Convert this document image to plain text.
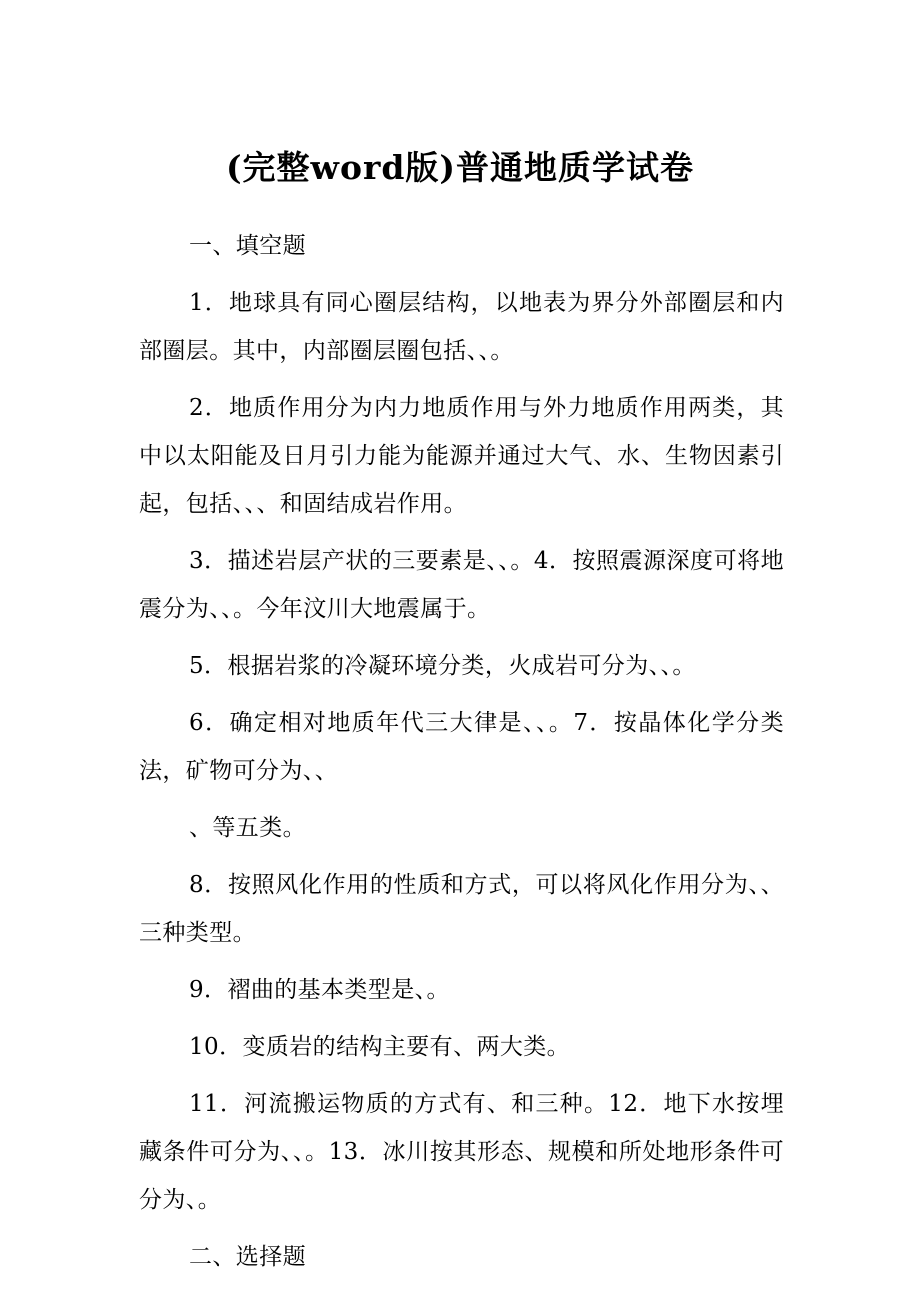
(完整word版)普通地质学试卷

一、填空题

1．地球具有同心圈层结构，以地表为界分外部圈层和内部圈层。其中，内部圈层圈包括、、。

2．地质作用分为内力地质作用与外力地质作用两类，其中以太阳能及日月引力能为能源并通过大气、水、生物因素引起，包括、、、和固结成岩作用。

3．描述岩层产状的三要素是、、。4．按照震源深度可将地震分为、、。今年汶川大地震属于。

5．根据岩浆的冷凝环境分类，火成岩可分为、、。

6．确定相对地质年代三大律是、、。7．按晶体化学分类法，矿物可分为、、

、等五类。

8．按照风化作用的性质和方式，可以将风化作用分为、、三种类型。

9．褶曲的基本类型是、。

10．变质岩的结构主要有、两大类。

11．河流搬运物质的方式有、和三种。12．地下水按埋藏条件可分为、、。13．冰川按其形态、规模和所处地形条件可分为、。

二、选择题
